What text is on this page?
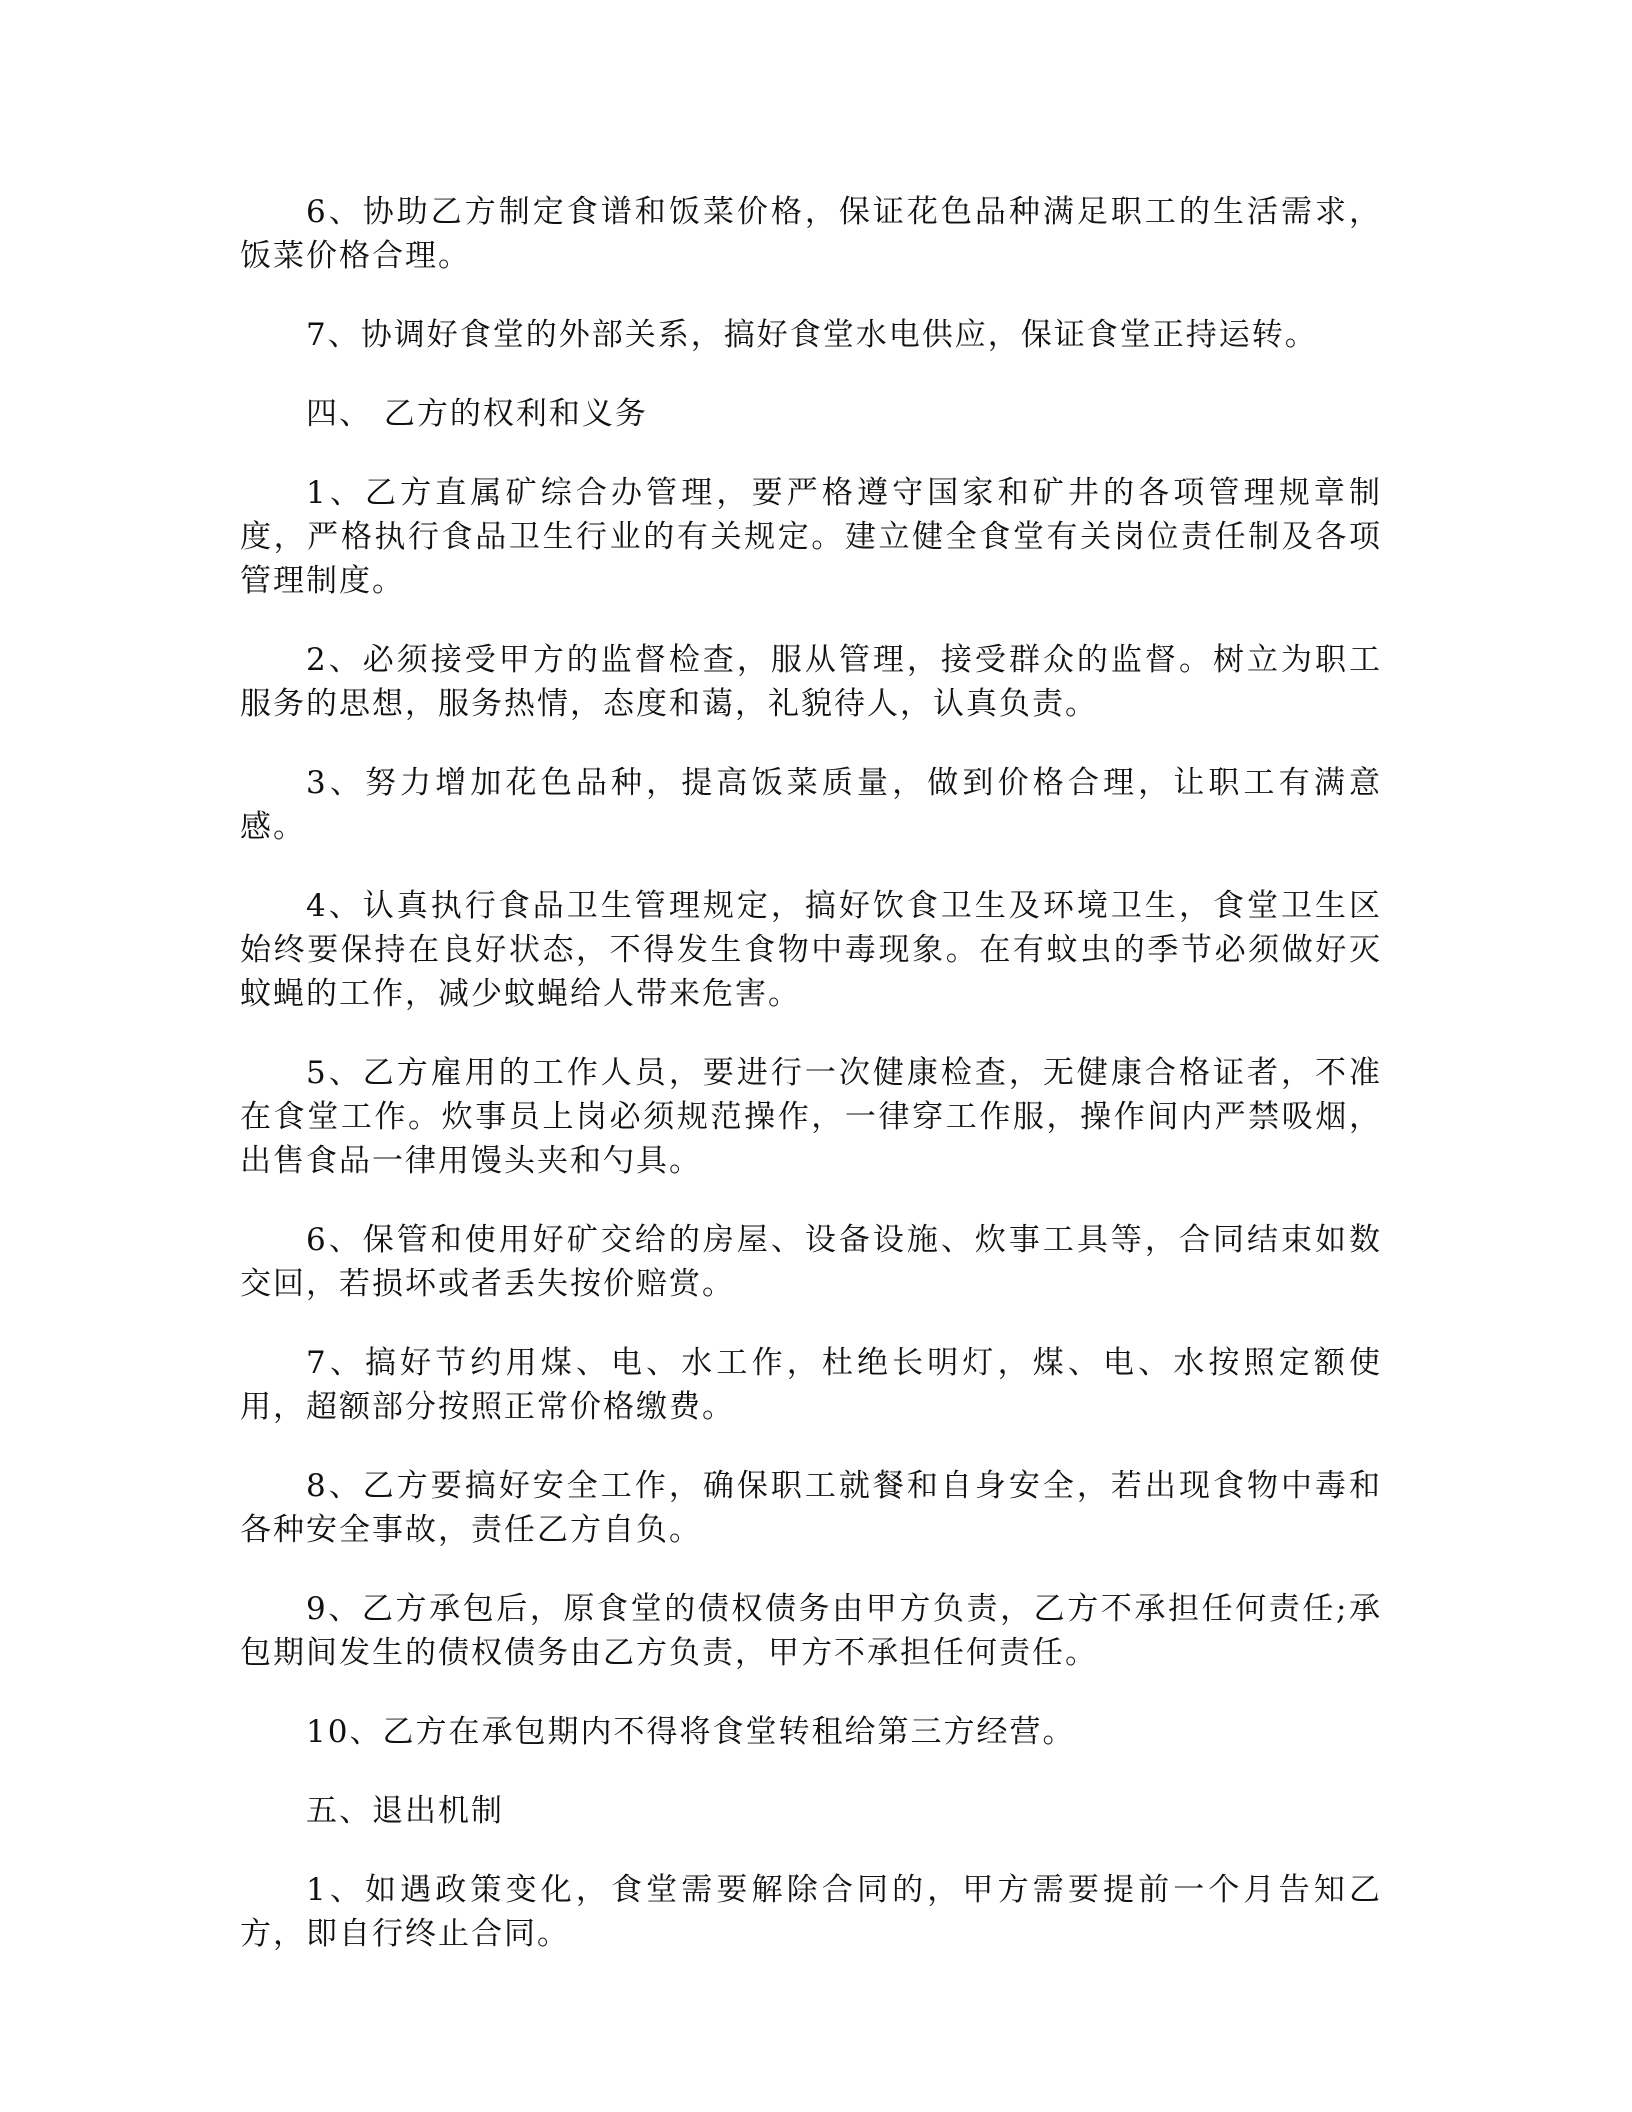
6、协助乙方制定食谱和饭菜价格，保证花色品种满足职工的生活需求，饭菜价格合理。

7、协调好食堂的外部关系，搞好食堂水电供应，保证食堂正持运转。

四、 乙方的权利和义务

1、乙方直属矿综合办管理，要严格遵守国家和矿井的各项管理规章制度，严格执行食品卫生行业的有关规定。建立健全食堂有关岗位责任制及各项管理制度。

2、必须接受甲方的监督检查，服从管理，接受群众的监督。树立为职工服务的思想，服务热情，态度和蔼，礼貌待人，认真负责。

3、努力增加花色品种，提高饭菜质量，做到价格合理，让职工有满意感。

4、认真执行食品卫生管理规定，搞好饮食卫生及环境卫生，食堂卫生区始终要保持在良好状态，不得发生食物中毒现象。在有蚊虫的季节必须做好灭蚊蝇的工作，减少蚊蝇给人带来危害。

5、乙方雇用的工作人员，要进行一次健康检查，无健康合格证者，不准在食堂工作。炊事员上岗必须规范操作，一律穿工作服，操作间内严禁吸烟，出售食品一律用馒头夹和勺具。

6、保管和使用好矿交给的房屋、设备设施、炊事工具等，合同结束如数交回，若损坏或者丢失按价赔赏。

7、搞好节约用煤、电、水工作，杜绝长明灯，煤、电、水按照定额使用，超额部分按照正常价格缴费。

8、乙方要搞好安全工作，确保职工就餐和自身安全，若出现食物中毒和各种安全事故，责任乙方自负。

9、乙方承包后，原食堂的债权债务由甲方负责，乙方不承担任何责任;承包期间发生的债权债务由乙方负责，甲方不承担任何责任。

10、乙方在承包期内不得将食堂转租给第三方经营。

五、退出机制

1、如遇政策变化，食堂需要解除合同的，甲方需要提前一个月告知乙方，即自行终止合同。
